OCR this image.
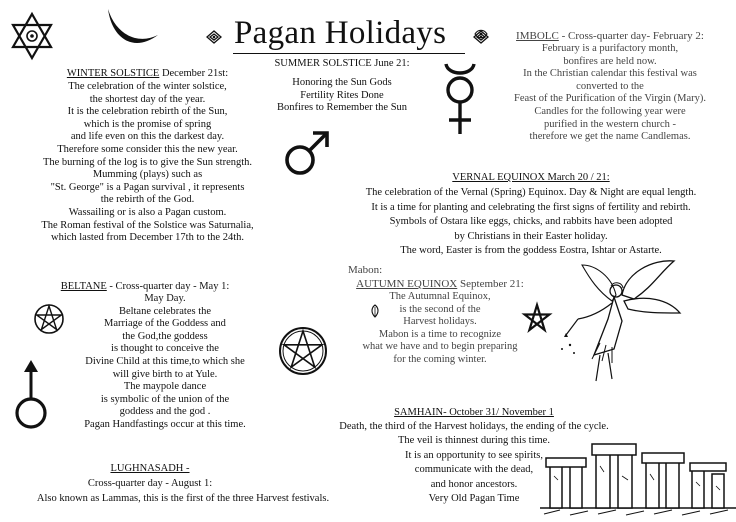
Pagan Holidays
WINTER SOLSTICE December 21st:
The celebration of the winter solstice,
the shortest day of the year.
It is the celebration rebirth of the Sun,
which is the promise of spring
and life even on this the darkest day.
Therefore some consider this the new year.
The burning of the log is to give the Sun strength.
Mumming (plays) such as
"St. George" is a Pagan survival , it represents
the rebirth of the God.
Wassailing or is also a Pagan custom.
The Roman festival of the Solstice was Saturnalia,
which lasted from December 17th to the 24th.
SUMMER SOLSTICE June 21:
Honoring the Sun Gods
Fertility Rites Done
Bonfires to Remember the Sun
IMBOLC - Cross-quarter day- February 2:
February is a purifactory month,
bonfires are held now.
In the Christian calendar this festival was
converted to the
Feast of the Purification of the Virgin (Mary).
Candles for the following year were
purified in the western church -
therefore we get the name Candlemas.
VERNAL EQUINOX March 20 / 21:
The celebration of the Vernal (Spring) Equinox. Day & Night are equal length.
It is a time for planting and celebrating the first signs of fertility and rebirth.
Symbols of Ostara like eggs, chicks, and rabbits have been adopted
by Christians in their Easter holiday.
The word, Easter is from the goddess Eostra, Ishtar or Astarte.
BELTANE - Cross-quarter day - May 1:
May Day.
Beltane celebrates the
Marriage of the Goddess and
the God,the goddess
is thought to conceive the
Divine Child at this time,to which she
will give birth to at Yule.
The maypole dance
is symbolic of the union of the
goddess and the god .
Pagan Handfastings occur at this time.
Mabon:
AUTUMN EQUINOX September 21:
The Autumnal Equinox,
is the second of the
Harvest holidays.
Mabon is a time to recognize
what we have and to begin preparing
for the coming winter.
SAMHAIN- October 31/ November 1
Death, the third of the Harvest holidays, the ending of the cycle.
The veil is thinnest during this time.
It is an opportunity to see spirits,
communicate with the dead,
and honor ancestors.
Very Old Pagan Time
LUGHNASADH -
Cross-quarter day - August 1:
Also known as Lammas, this is the first of the three Harvest festivals.
